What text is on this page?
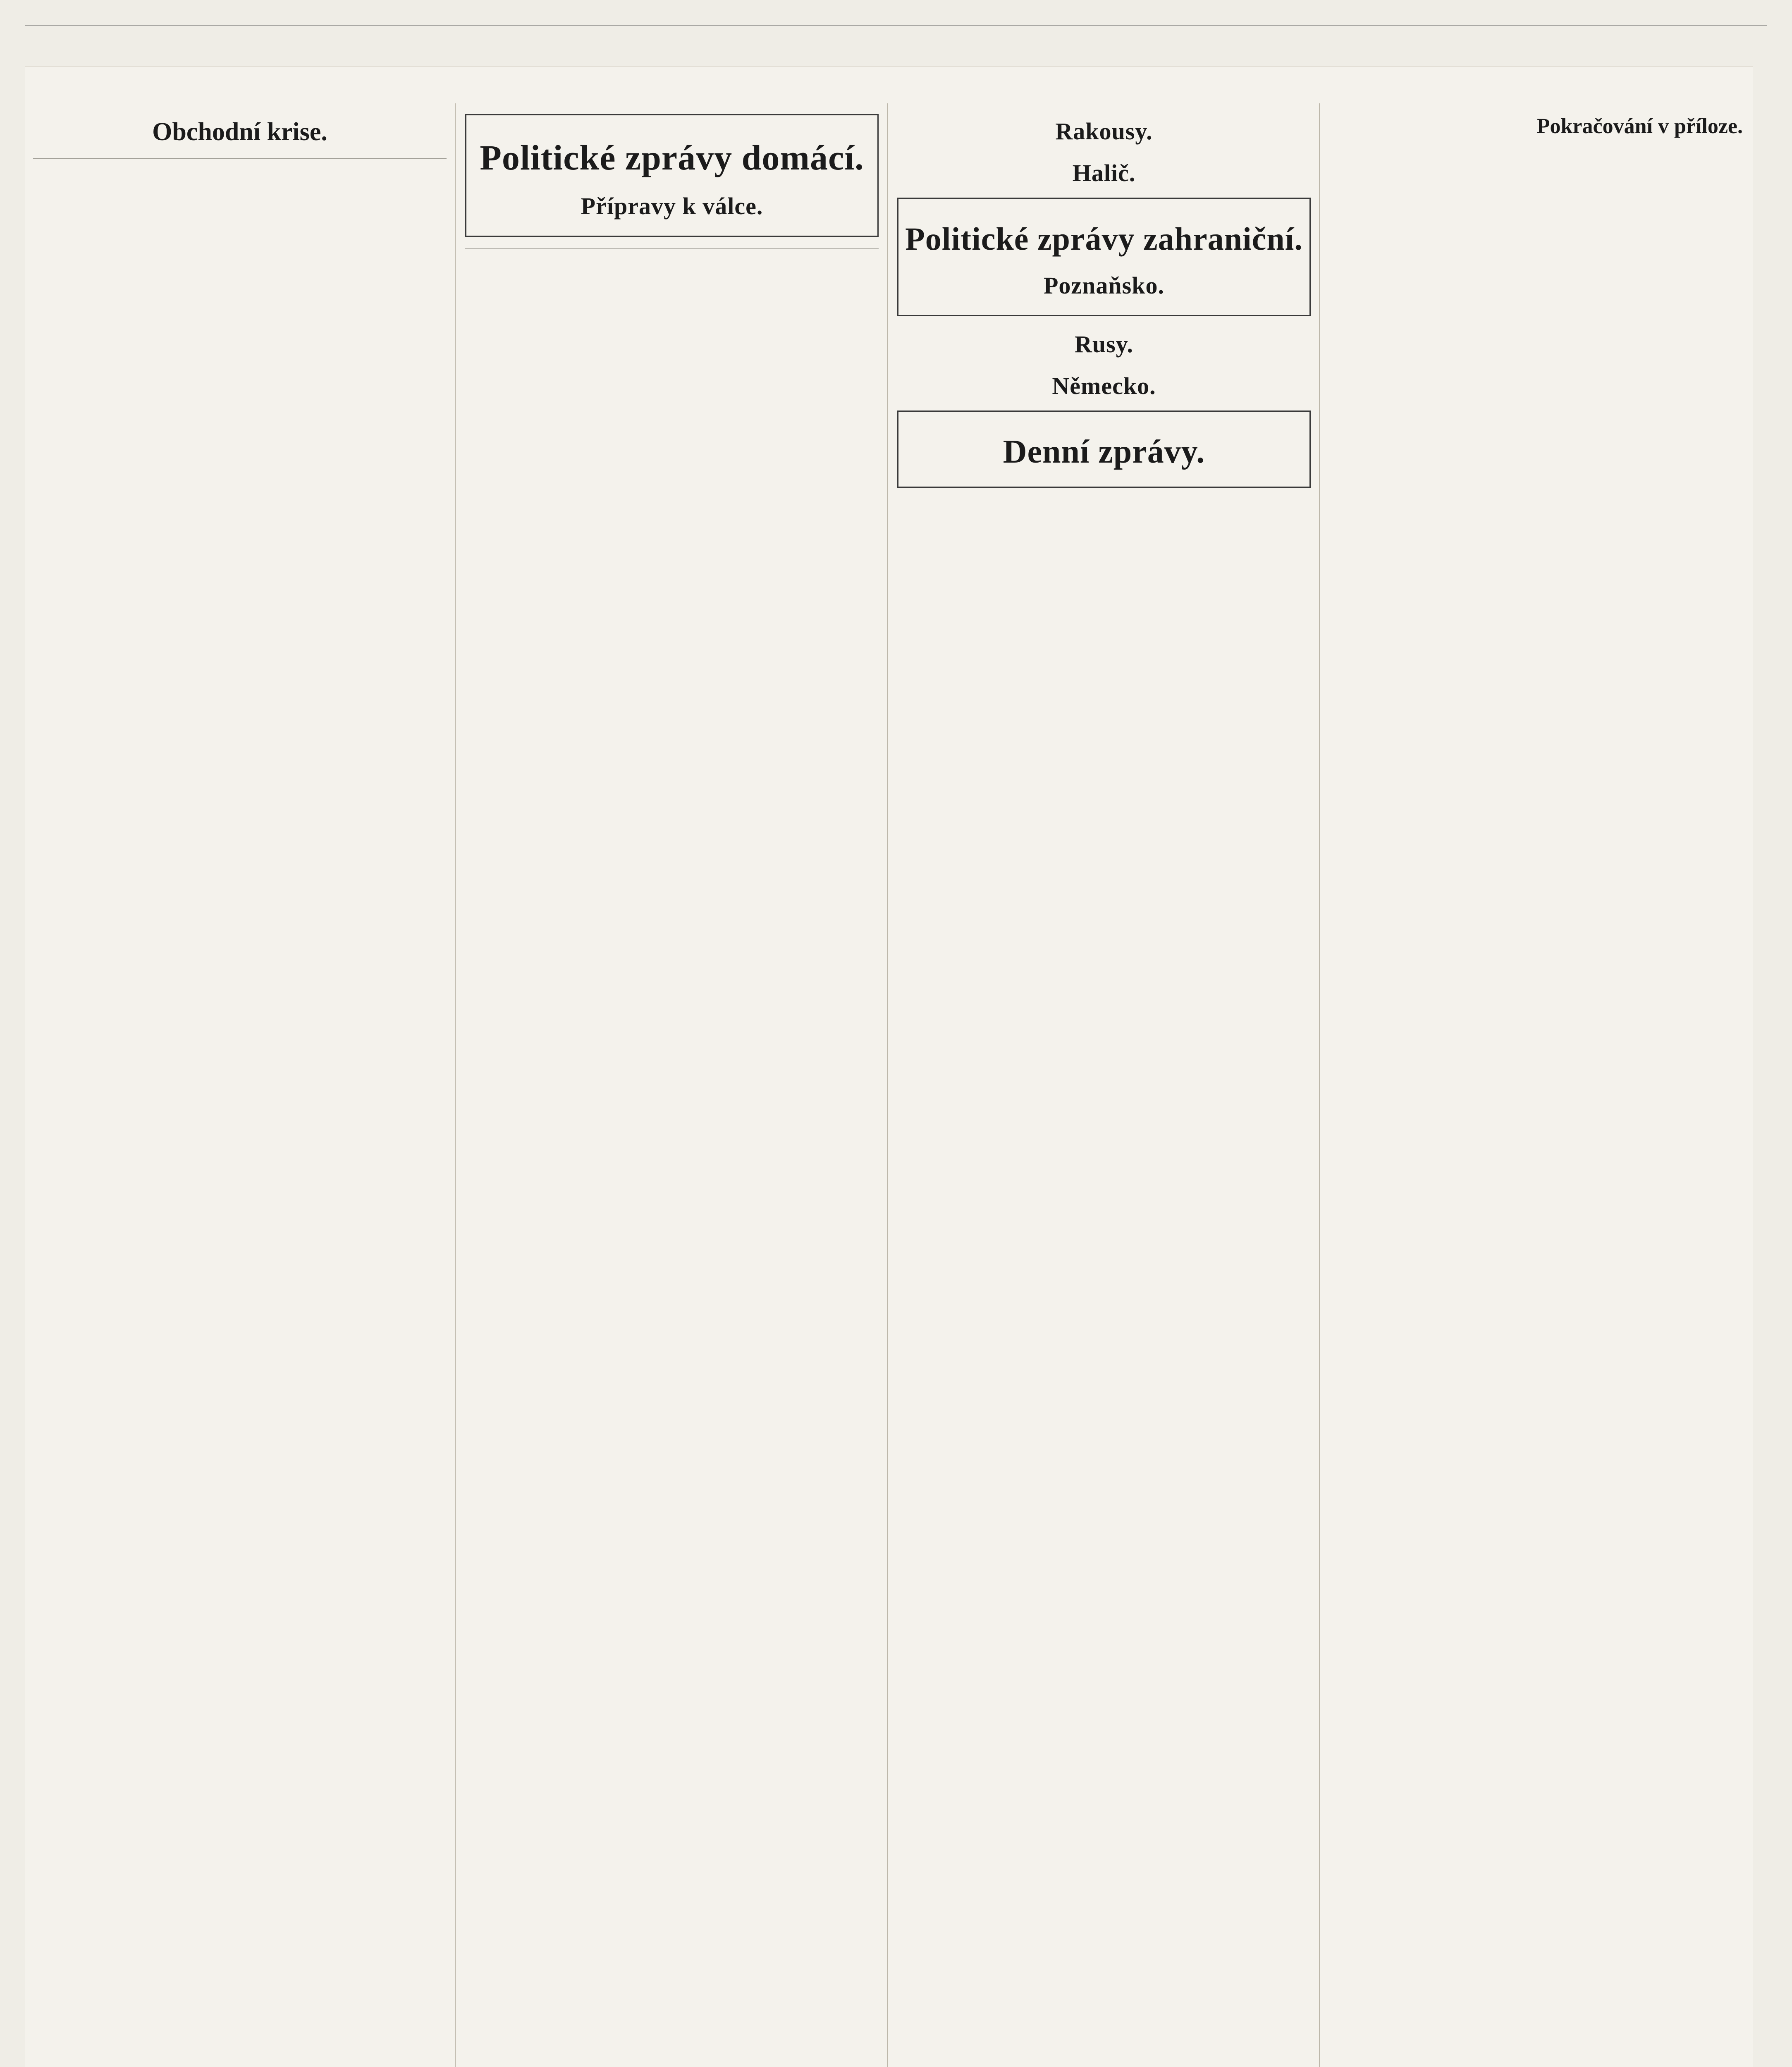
Obchodní krise.

Politické zprávy domácí.
Přípravy k válce.

Rakousy.

Halič.

Politické zprávy zahraniční.
Poznaňsko.

Rusy.

Německo.

Denní zprávy.

Pokračování v příloze.
